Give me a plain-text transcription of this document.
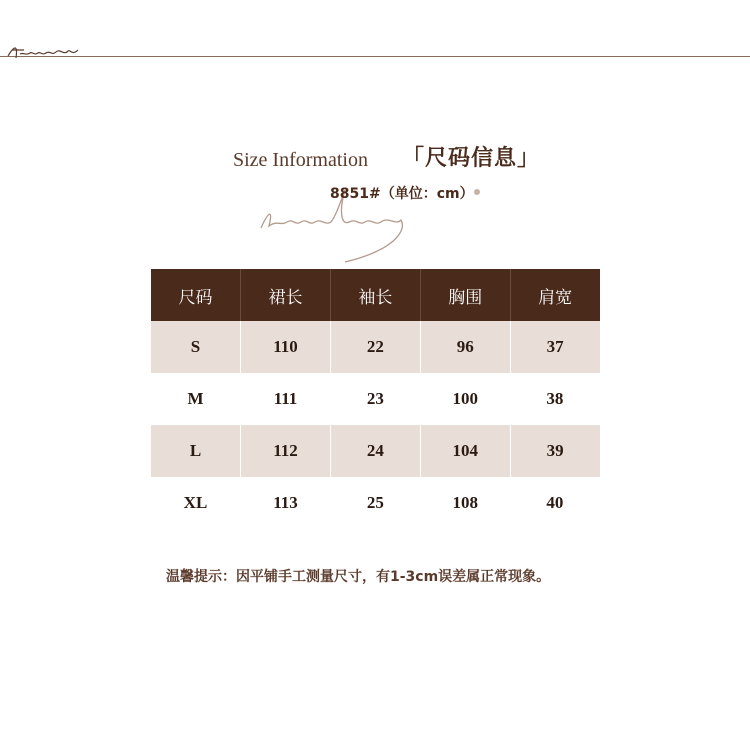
Size Information 「尺码信息」
8851#（单位：cm）
尺码	裙长	袖长	胸围	肩宽
S	110	22	96	37
M	111	23	100	38
L	112	24	104	39
XL	113	25	108	40
温馨提示：因平铺手工测量尺寸，有1-3cm误差属正常现象。
